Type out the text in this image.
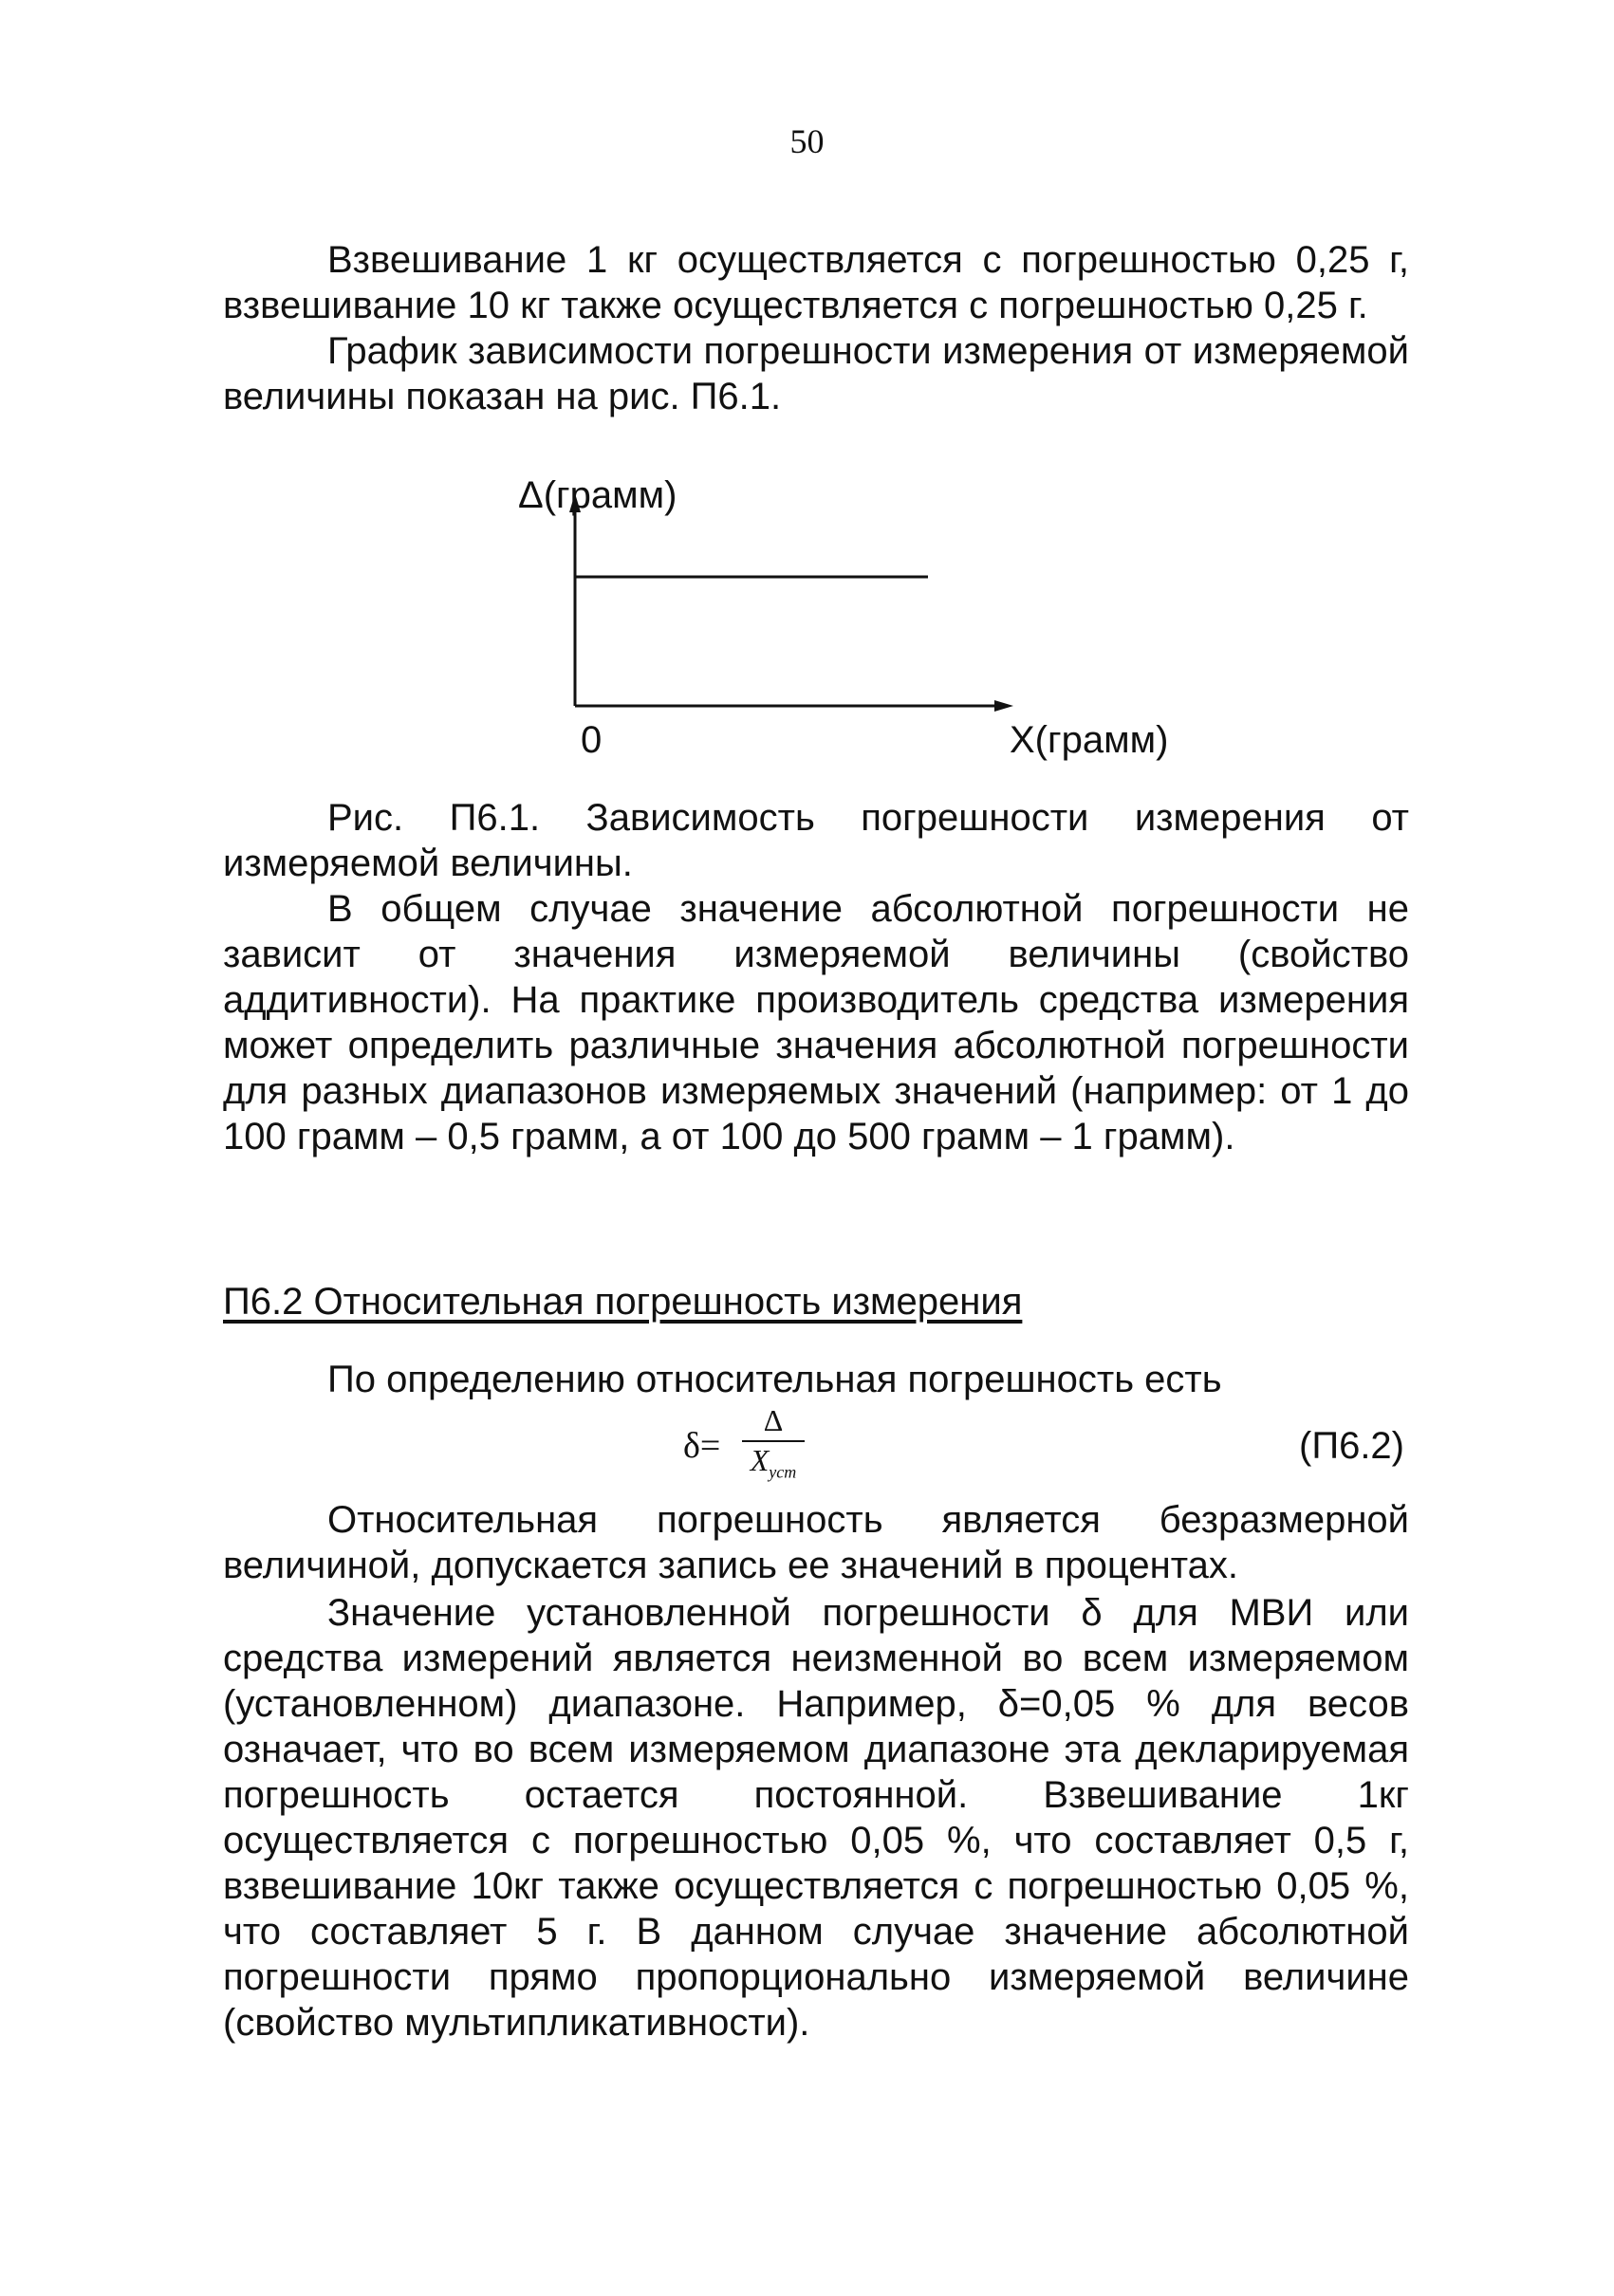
50

Взвешивание 1 кг осуществляется с погрешностью 0,25 г, взвешивание 10 кг также осуществляется с погрешностью 0,25 г.

График зависимости погрешности измерения от измеряемой величины показан на рис. П6.1.

Δ(грамм)
0	X(грамм)

Рис. П6.1. Зависимость погрешности измерения от измеряемой величины.

В общем случае значение абсолютной погрешности не зависит от значения измеряемой величины (свойство аддитивности). На практике производитель средства измерения может определить различные значения абсолютной погрешности для разных диапазонов измеряемых значений (например: от 1 до 100 грамм – 0,5 грамм, а от 100 до 500 грамм – 1 грамм).

П6.2 Относительная погрешность измерения

По определению относительная погрешность есть

δ=
Δ
$X_{уст}$
(П6.2)

Относительная погрешность является безразмерной величиной, допускается запись ее значений в процентах.

Значение установленной погрешности δ для МВИ или средства измерений является неизменной во всем измеряемом (установленном) диапазоне. Например, δ=0,05 % для весов означает, что во всем измеряемом диапазоне эта декларируемая погрешность остается постоянной. Взвешивание 1кг осуществляется с погрешностью 0,05 %, что составляет 0,5 г, взвешивание 10кг также осуществляется с погрешностью 0,05 %, что составляет 5 г. В данном случае значение абсолютной погрешности прямо пропорционально измеряемой величине (свойство мультипликативности).
